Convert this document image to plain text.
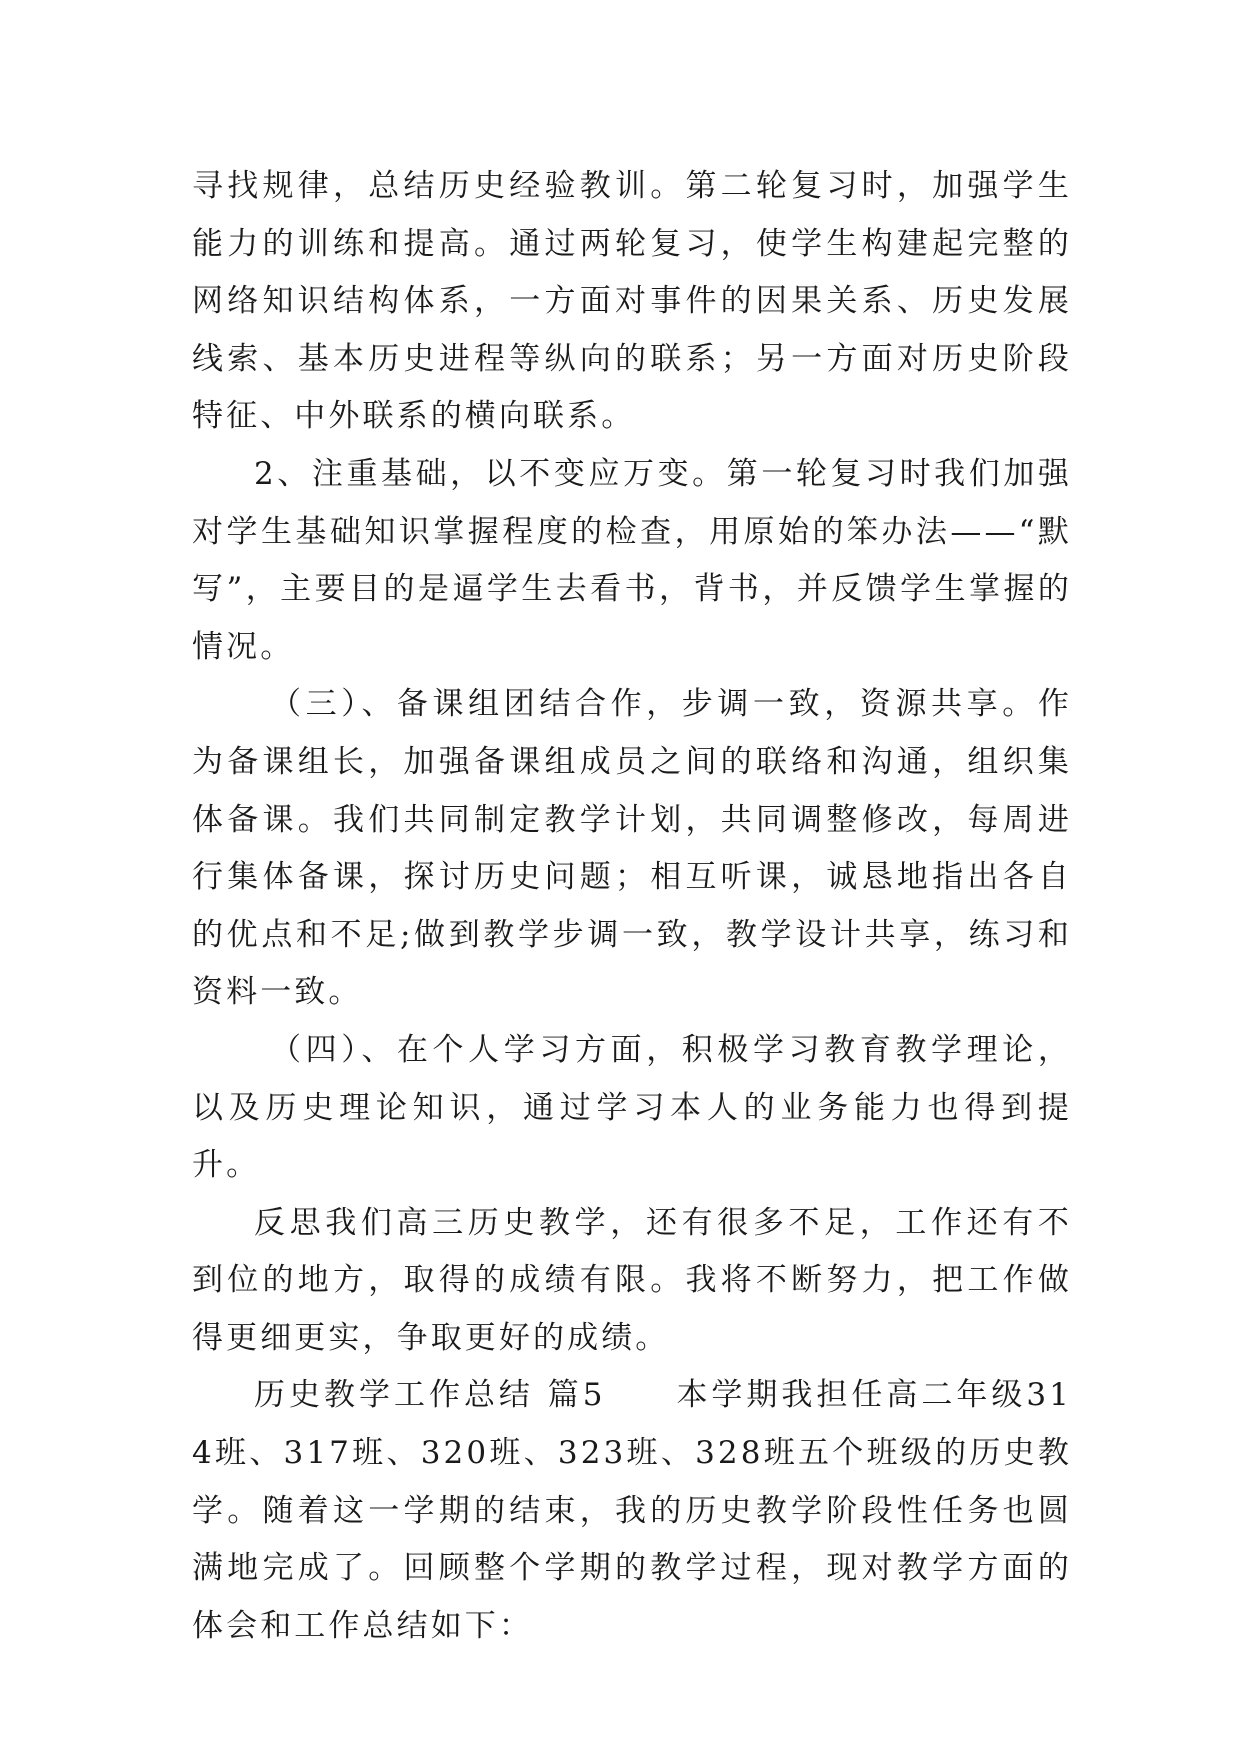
寻找规律，总结历史经验教训。第二轮复习时，加强学生能力的训练和提高。通过两轮复习，使学生构建起完整的网络知识结构体系，一方面对事件的因果关系、历史发展线索、基本历史进程等纵向的联系；另一方面对历史阶段特征、中外联系的横向联系。

2、注重基础，以不变应万变。第一轮复习时我们加强对学生基础知识掌握程度的检查，用原始的笨办法——“默写”，主要目的是逼学生去看书，背书，并反馈学生掌握的情况。

（三）、备课组团结合作，步调一致，资源共享。作为备课组长，加强备课组成员之间的联络和沟通，组织集体备课。我们共同制定教学计划，共同调整修改，每周进行集体备课，探讨历史问题；相互听课，诚恳地指出各自的优点和不足;做到教学步调一致，教学设计共享，练习和资料一致。

（四）、在个人学习方面，积极学习教育教学理论，以及历史理论知识，通过学习本人的业务能力也得到提升。

反思我们高三历史教学，还有很多不足，工作还有不到位的地方，取得的成绩有限。我将不断努力，把工作做得更细更实，争取更好的成绩。

历史教学工作总结 篇5　　本学期我担任高二年级314班、317班、320班、323班、328班五个班级的历史教学。随着这一学期的结束，我的历史教学阶段性任务也圆满地完成了。回顾整个学期的教学过程，现对教学方面的体会和工作总结如下：
